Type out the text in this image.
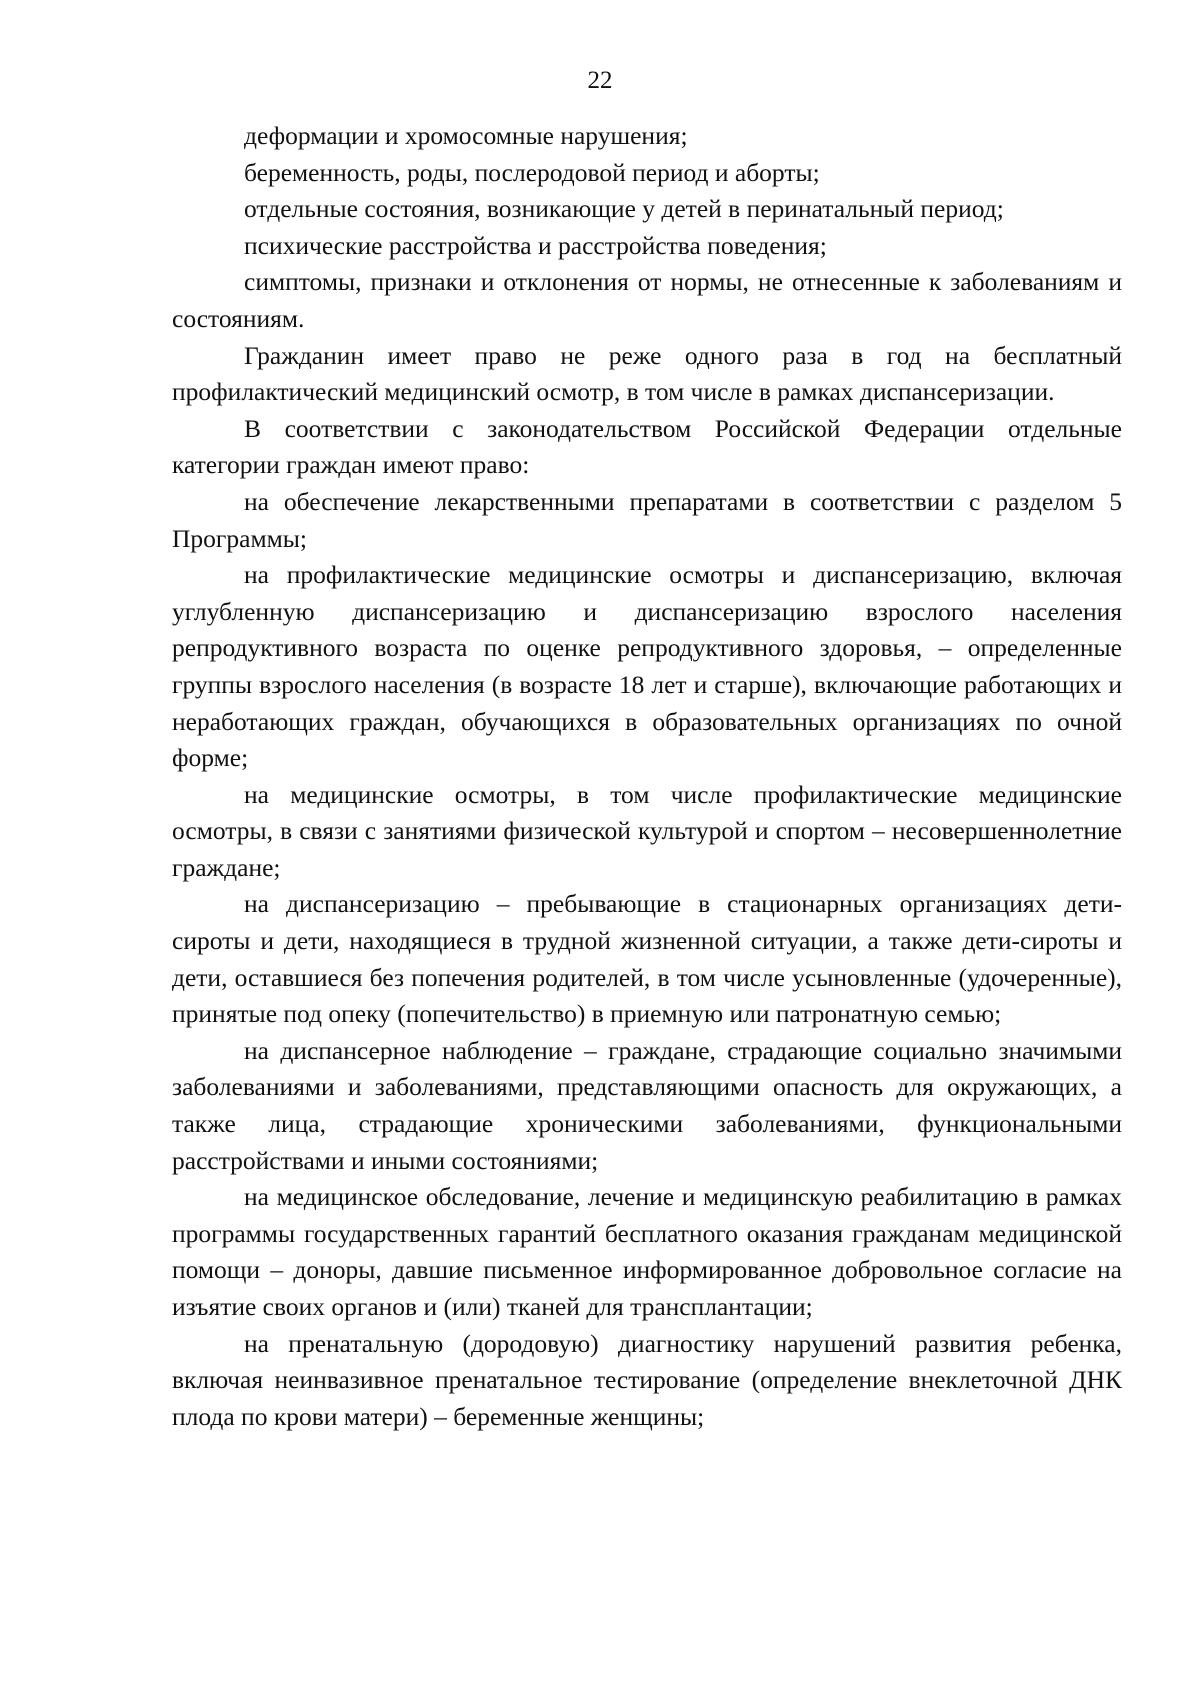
22

деформации и хромосомные нарушения;

беременность, роды, послеродовой период и аборты;

отдельные состояния, возникающие у детей в перинатальный период;

психические расстройства и расстройства поведения;

симптомы, признаки и отклонения от нормы, не отнесенные к заболеваниям и состояниям.

Гражданин имеет право не реже одного раза в год на бесплатный профилактический медицинский осмотр, в том числе в рамках диспансеризации.

В соответствии с законодательством Российской Федерации отдельные категории граждан имеют право:

на обеспечение лекарственными препаратами в соответствии с разделом 5 Программы;

на профилактические медицинские осмотры и диспансеризацию, включая углубленную диспансеризацию и диспансеризацию взрослого населения репродуктивного возраста по оценке репродуктивного здоровья, – определенные группы взрослого населения (в возрасте 18 лет и старше), включающие работающих и неработающих граждан, обучающихся в образовательных организациях по очной форме;

на медицинские осмотры, в том числе профилактические медицинские осмотры, в связи с занятиями физической культурой и спортом – несовершеннолетние граждане;

на диспансеризацию – пребывающие в стационарных организациях дети-сироты и дети, находящиеся в трудной жизненной ситуации, а также дети-сироты и дети, оставшиеся без попечения родителей, в том числе усыновленные (удочеренные), принятые под опеку (попечительство) в приемную или патронатную семью;

на диспансерное наблюдение – граждане, страдающие социально значимыми заболеваниями и заболеваниями, представляющими опасность для окружающих, а также лица, страдающие хроническими заболеваниями, функциональными расстройствами и иными состояниями;

на медицинское обследование, лечение и медицинскую реабилитацию в рамках программы государственных гарантий бесплатного оказания гражданам медицинской помощи – доноры, давшие письменное информированное добровольное согласие на изъятие своих органов и (или) тканей для трансплантации;

на пренатальную (дородовую) диагностику нарушений развития ребенка, включая неинвазивное пренатальное тестирование (определение внеклеточной ДНК плода по крови матери) – беременные женщины;
